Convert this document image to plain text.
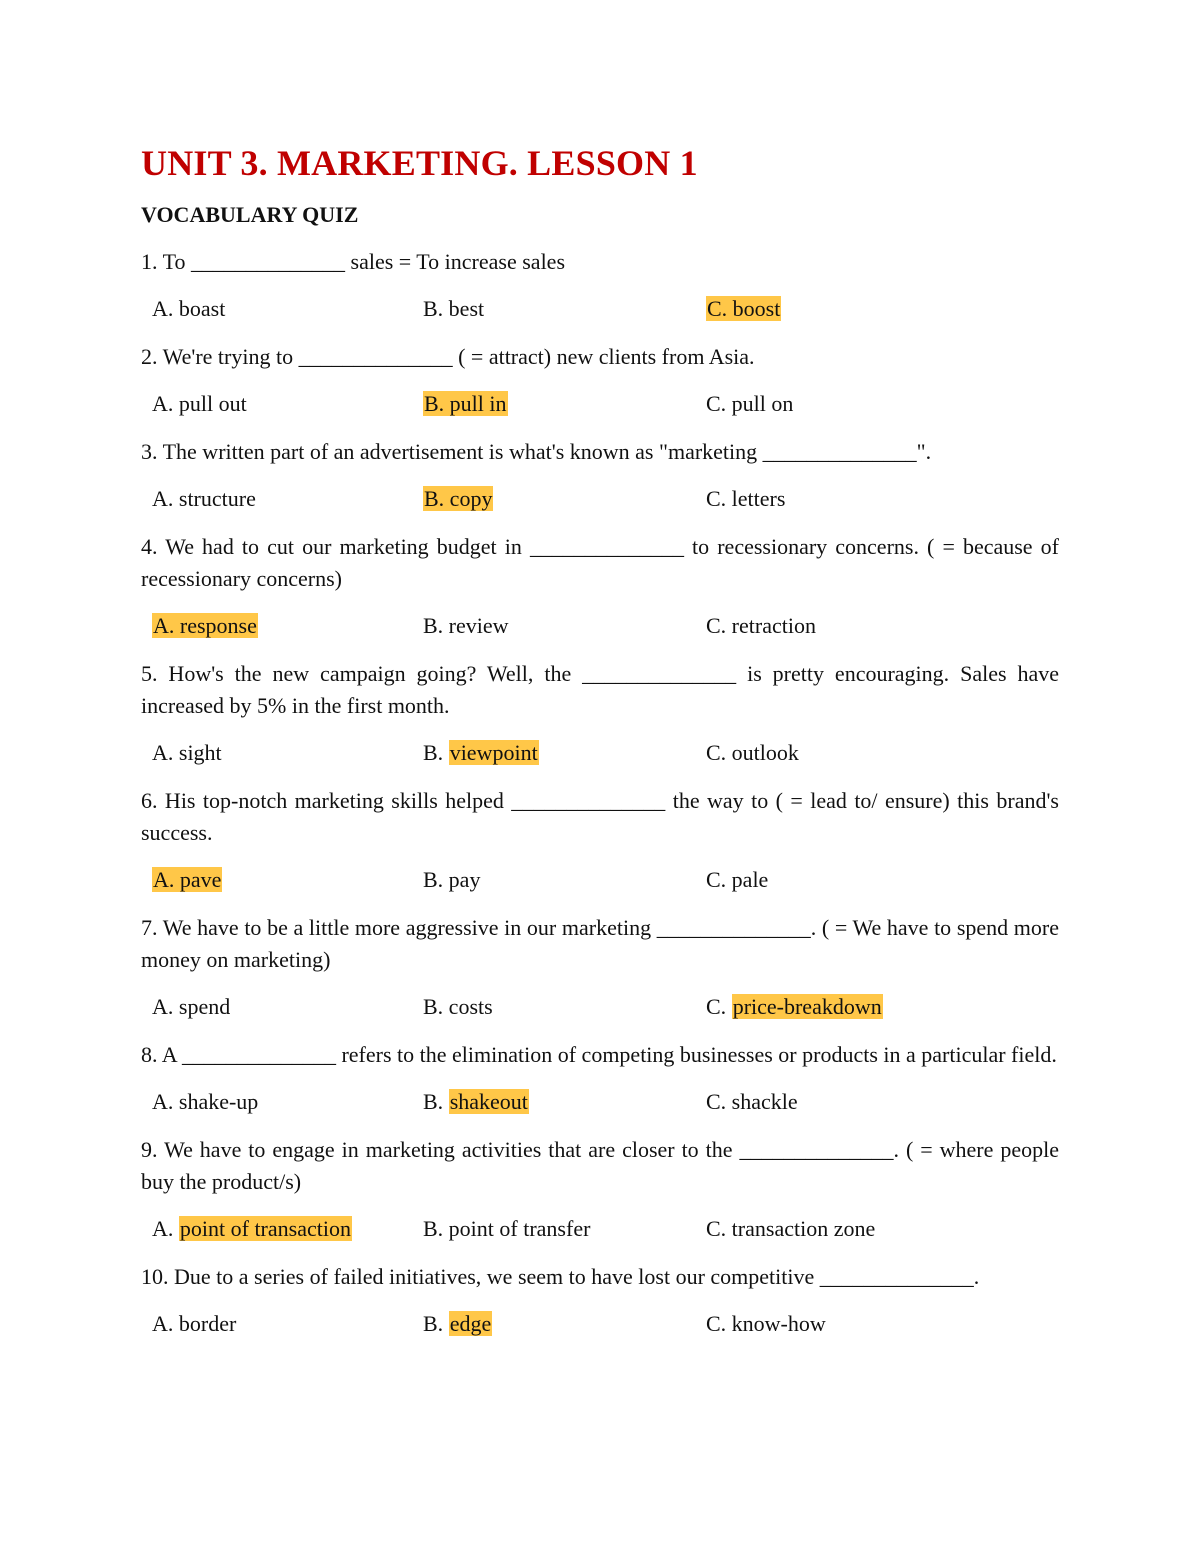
UNIT 3. MARKETING. LESSON 1
VOCABULARY QUIZ
1. To ______________ sales = To increase sales
A. boast	B. best	C. boost
2. We're trying to ______________ ( = attract) new clients from Asia.
A. pull out	B. pull in	C. pull on
3. The written part of an advertisement is what's known as "marketing ______________".
A. structure	B. copy	C. letters
4. We had to cut our marketing budget in ______________ to recessionary concerns. ( = because of recessionary concerns)
A. response	B. review	C. retraction
5. How's the new campaign going? Well, the ______________ is pretty encouraging. Sales have increased by 5% in the first month.
A. sight	B. viewpoint	C. outlook
6. His top-notch marketing skills helped ______________ the way to ( = lead to/ ensure) this brand's success.
A. pave	B. pay	C. pale
7. We have to be a little more aggressive in our marketing ______________. ( = We have to spend more money on marketing)
A. spend	B. costs	C. price-breakdown
8. A ______________ refers to the elimination of competing businesses or products in a particular field.
A. shake-up	B. shakeout	C. shackle
9. We have to engage in marketing activities that are closer to the ______________. ( = where people buy the product/s)
A. point of transaction	B. point of transfer	C. transaction zone
10. Due to a series of failed initiatives, we seem to have lost our competitive ______________.
A. border	B. edge	C. know-how
